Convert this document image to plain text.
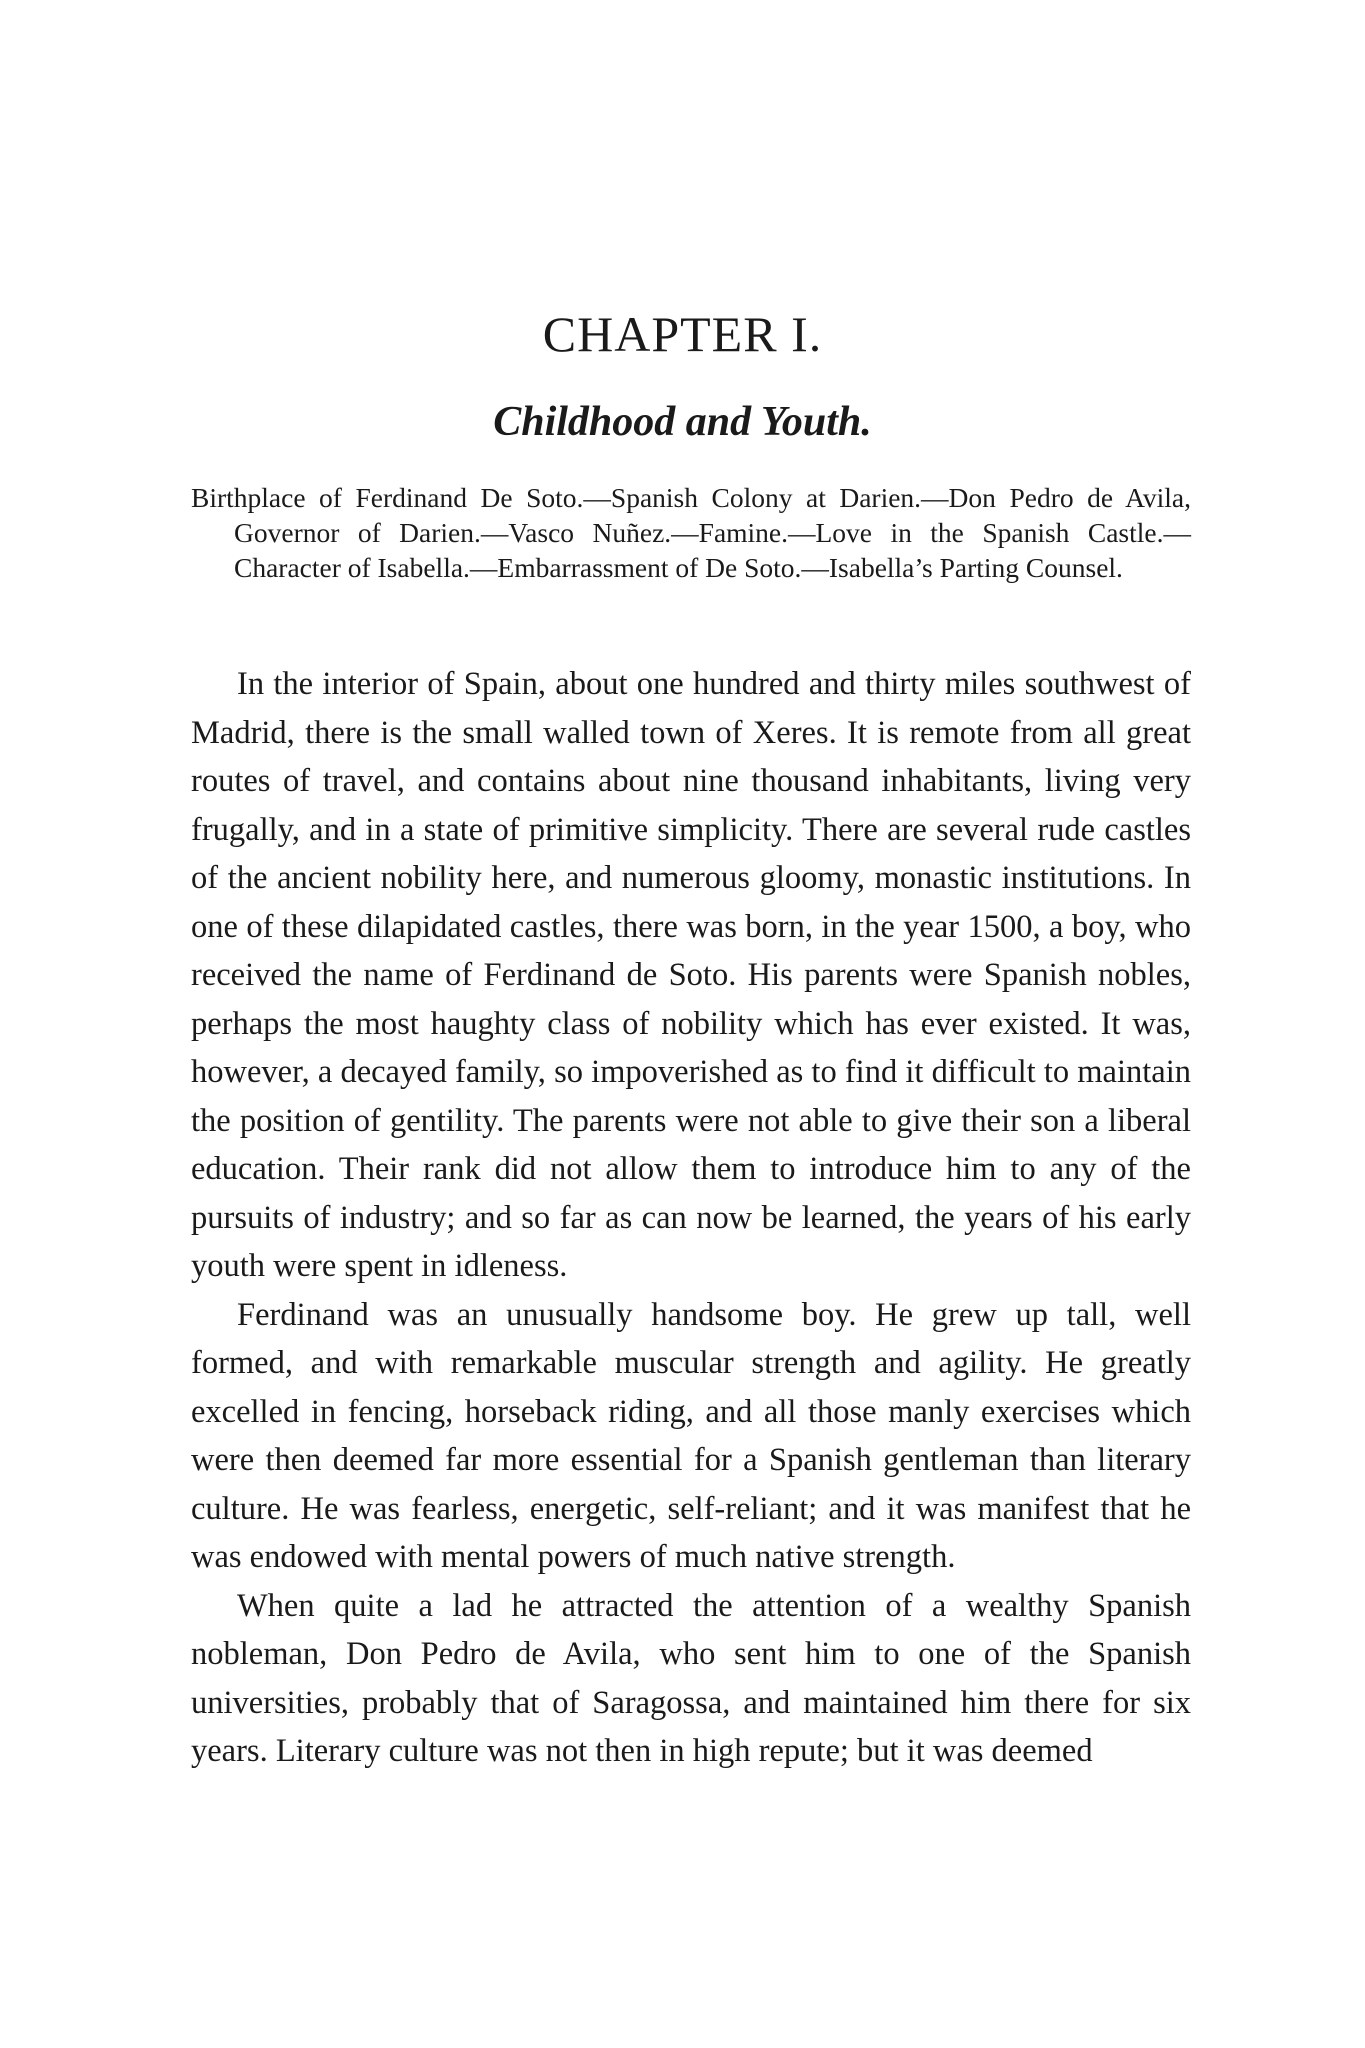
CHAPTER I.
Childhood and Youth.

Birthplace of Ferdinand De Soto.—Spanish Colony at Darien.—Don Pedro de Avila, Governor of Darien.—Vasco Nuñez.—Famine.—Love in the Spanish Castle.—Character of Isabella.—Embarrassment of De Soto.—Isabella’s Parting Counsel.

In the interior of Spain, about one hundred and thirty miles southwest of Madrid, there is the small walled town of Xeres. It is remote from all great routes of travel, and contains about nine thousand inhabitants, living very frugally, and in a state of primitive simplicity. There are several rude castles of the ancient nobility here, and numerous gloomy, monastic institutions. In one of these dilapidated castles, there was born, in the year 1500, a boy, who received the name of Ferdinand de Soto. His parents were Spanish nobles, perhaps the most haughty class of nobility which has ever existed. It was, however, a decayed family, so impoverished as to find it difficult to maintain the position of gentility. The parents were not able to give their son a liberal education. Their rank did not allow them to introduce him to any of the pursuits of industry; and so far as can now be learned, the years of his early youth were spent in idleness.

Ferdinand was an unusually handsome boy. He grew up tall, well formed, and with remarkable muscular strength and agility. He greatly excelled in fencing, horseback riding, and all those manly exercises which were then deemed far more essential for a Spanish gentleman than literary culture. He was fearless, energetic, self-reliant; and it was manifest that he was endowed with mental powers of much native strength.

When quite a lad he attracted the attention of a wealthy Spanish nobleman, Don Pedro de Avila, who sent him to one of the Spanish universities, probably that of Saragossa, and maintained him there for six years. Literary culture was not then in high repute; but it was deemed
